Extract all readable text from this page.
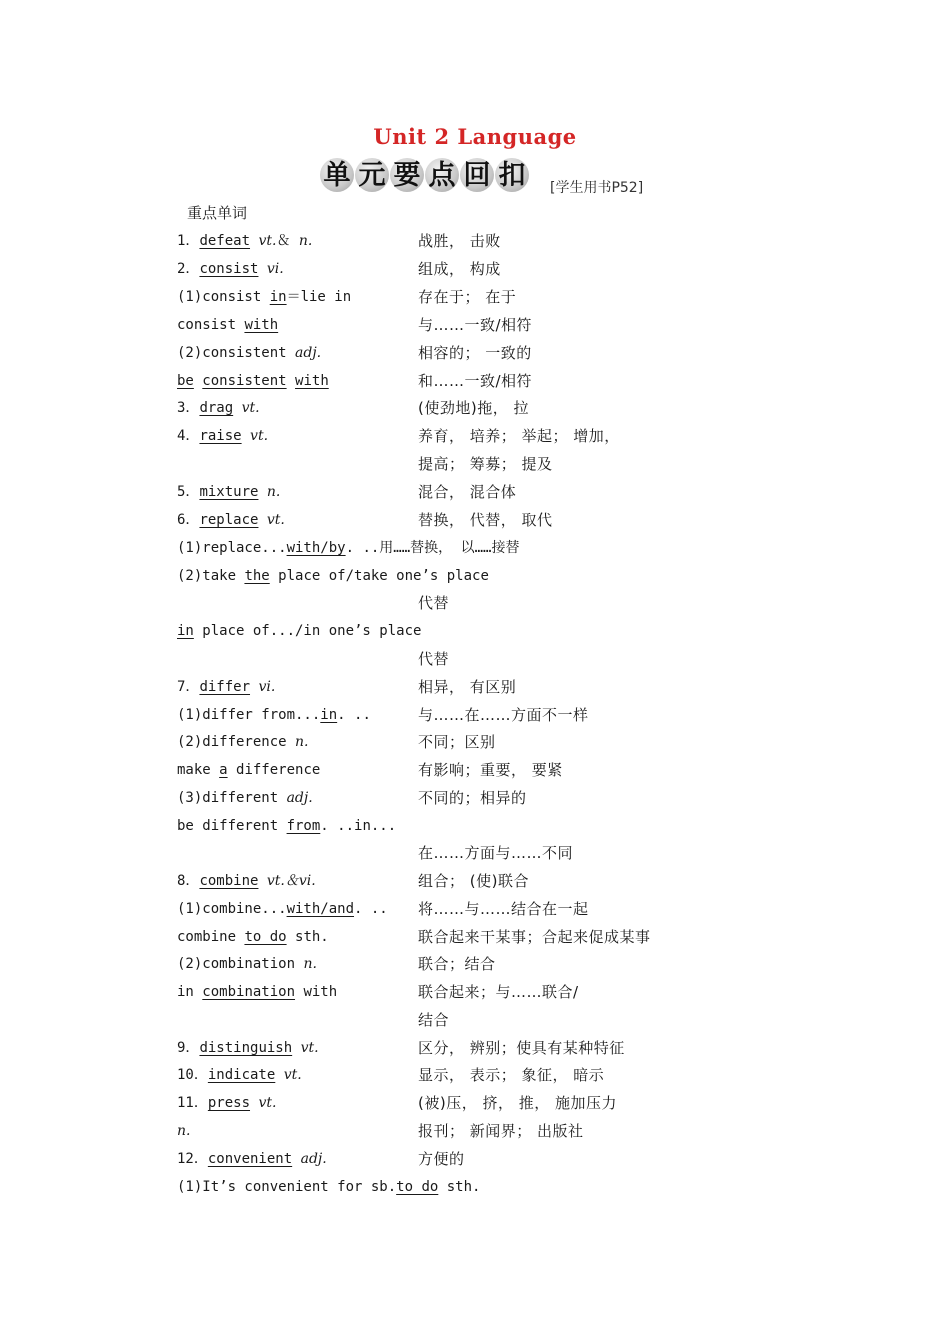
Unit 2 Language
单 元 要 点 回 扣 [学生用书P52]
重点单词
1．defeat vt.＆ n.	战胜， 击败
2．consist vi.	组成， 构成
(1)consist in＝lie in	存在于； 在于
consist with	与……一致/相符
(2)consistent adj.	相容的； 一致的
be consistent with	和……一致/相符
3．drag vt.	(使劲地)拖， 拉
4．raise vt.	养育， 培养； 举起； 增加，
提高； 筹募； 提及
5．mixture n.	混合， 混合体
6．replace vt.	替换， 代替， 取代
(1)replace...with/by. ..用……替换， 以……接替
(2)take the place of/take one’s place
代替
in place of.../in one’s place
代替
7．differ vi.	相异， 有区别
(1)differ from...in. ..	与……在……方面不一样
(2)difference n.	不同；区别
make a difference	有影响；重要， 要紧
(3)different adj.	不同的；相异的
be different from. ..in...
在……方面与……不同
8．combine vt.＆vi.	组合； (使)联合
(1)combine...with/and. .. 将……与……结合在一起
combine to do sth.	联合起来干某事；合起来促成某事
(2)combination n.	联合；结合
in combination with	联合起来；与……联合/
结合
9．distinguish vt.	区分， 辨别；使具有某种特征
10．indicate vt.	显示， 表示； 象征， 暗示
11．press vt.	(被)压， 挤， 推， 施加压力
n.	报刊； 新闻界； 出版社
12．convenient adj.	方便的
(1)It’s convenient for sb.to do sth.
